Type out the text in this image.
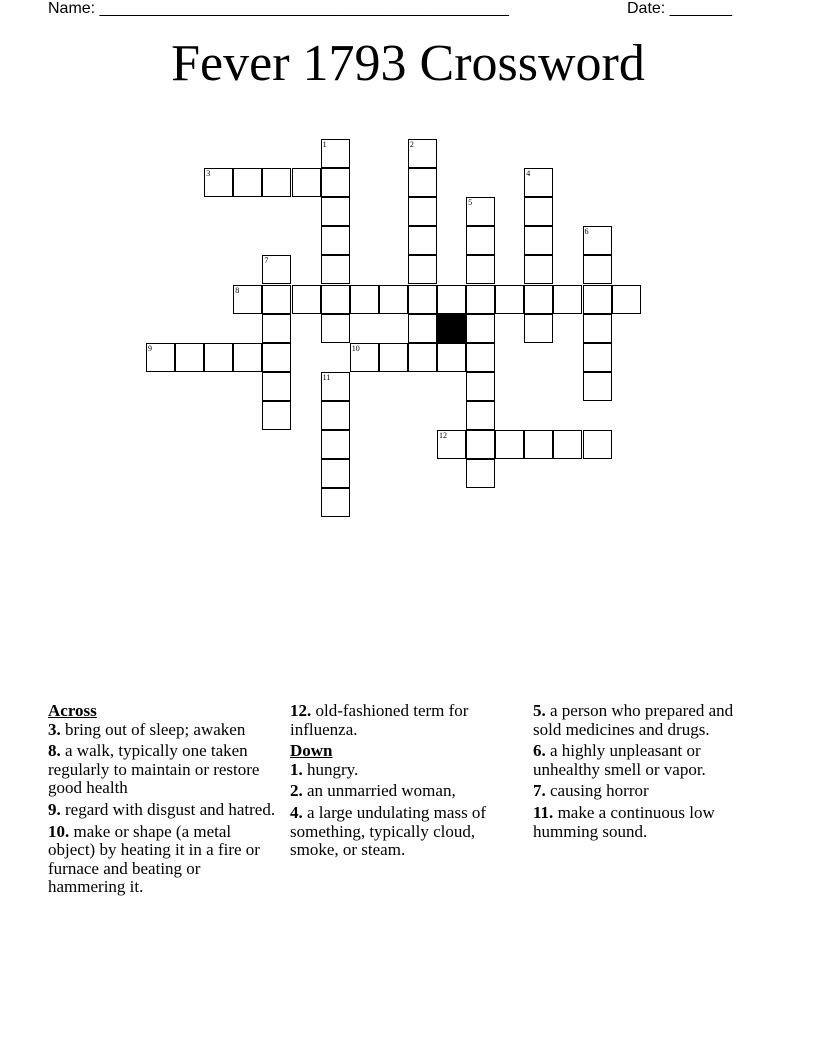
Name: ______________________________________________	Date: _______
Fever 1793 Crossword
1	2
3	4
5
6
7
8
9	10
11
12
Across
3. bring out of sleep; awaken
8. a walk, typically one taken regularly to maintain or restore good health
9. regard with disgust and hatred.
10. make or shape (a metal object) by heating it in a fire or furnace and beating or hammering it.
12. old-fashioned term for influenza.
Down
1. hungry.
2. an unmarried woman,
4. a large undulating mass of something, typically cloud, smoke, or steam.
5. a person who prepared and sold medicines and drugs.
6. a highly unpleasant or unhealthy smell or vapor.
7. causing horror
11. make a continuous low humming sound.
